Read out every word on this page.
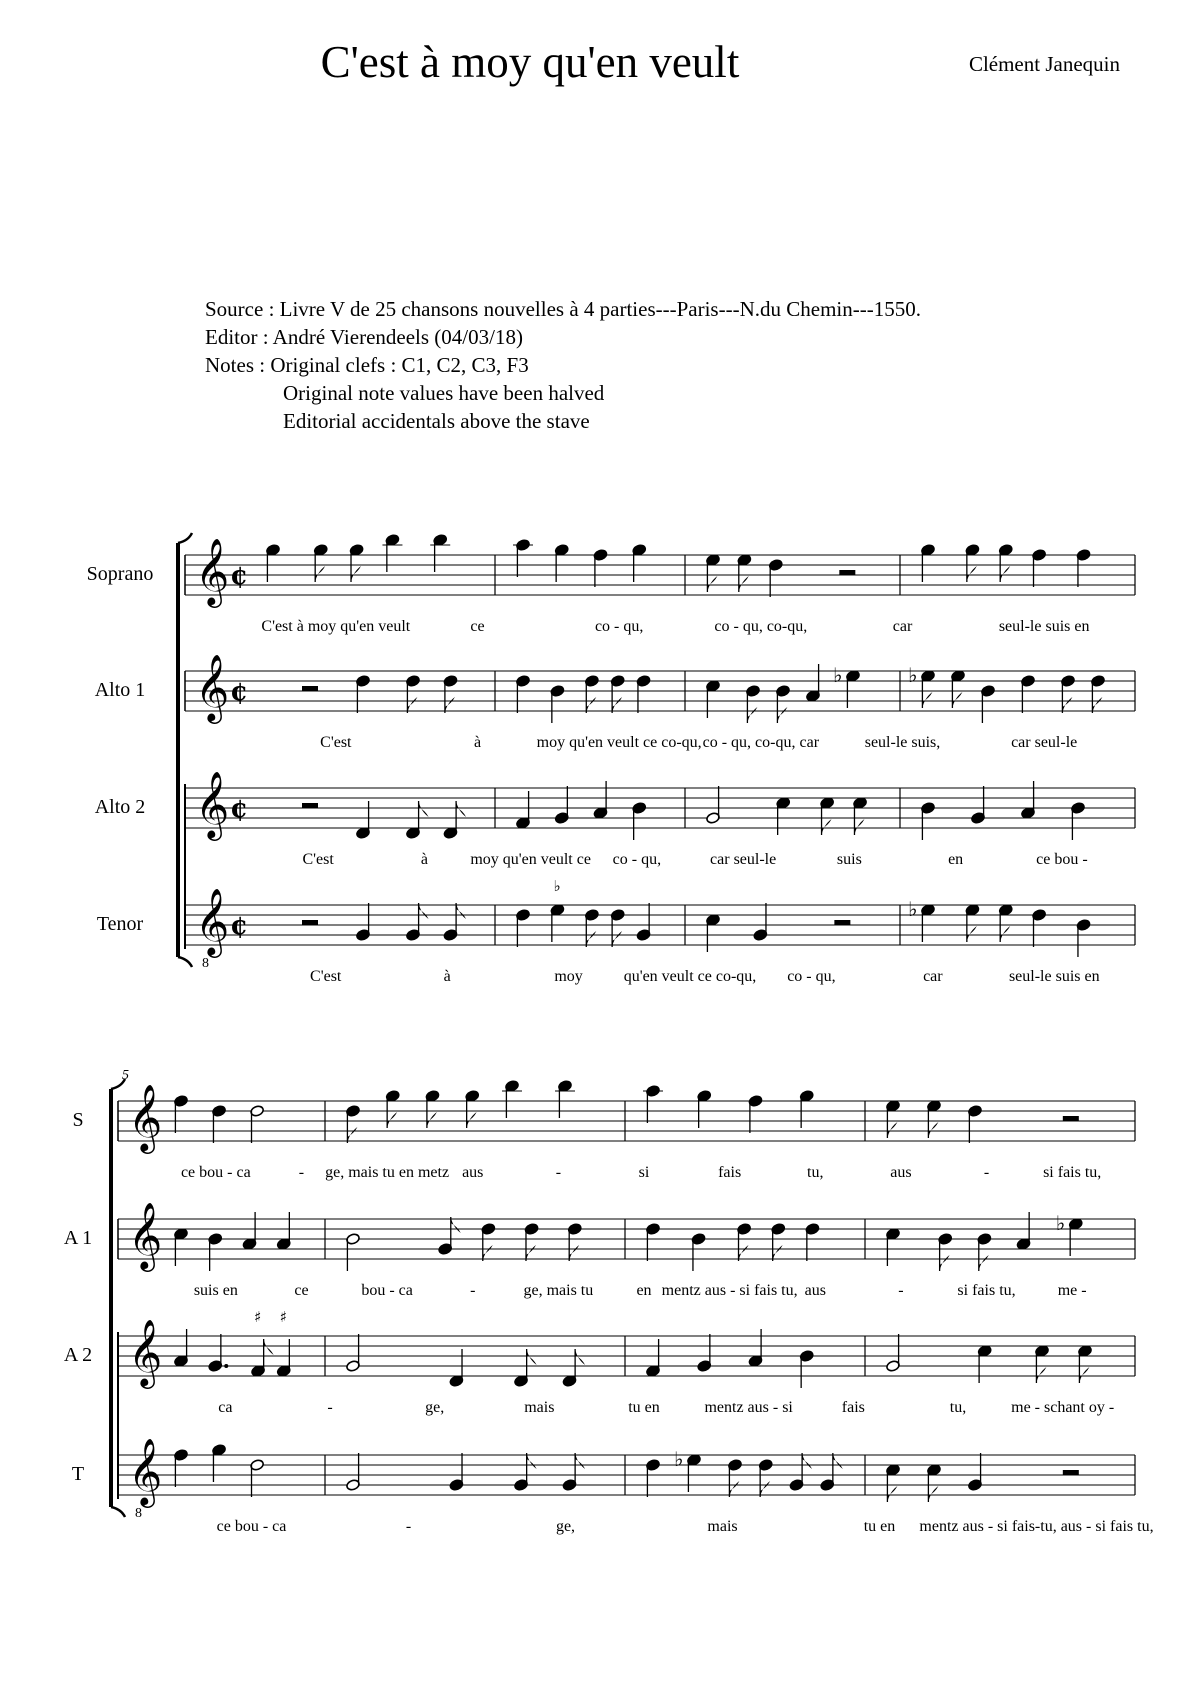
C'est à moy qu'en veult	Clément Janequin
Source : Livre V de 25 chansons nouvelles à 4 parties---Paris---N.du Chemin---1550.
Editor : André Vierendeels (04/03/18)
Notes : Original clefs : C1, C2, C3, F3
Original note values have been halved
Editorial accidentals above the stave
Soprano 𝄞 ¢
C'est à moy qu'en veult	ce	co - qu,	co - qu, co-qu,	car	seul-le suis en
Alto 1 𝄞 ¢
♭	♭
C'est	à	moy qu'en veult ce co-qu, co - qu, co-qu, car	seul-le suis,	car seul-le
Alto 2 𝄞 ¢
C'est	à	moy qu'en veult ce co - qu,	car seul-le	suis	en	ce bou -
Tenor 𝄞
8
¢
♭
♭
C'est	à	moy	qu'en veult ce co-qu, co - qu,	car	seul-le suis en
5
S 𝄞
ce bou - ca	- ge, mais tu en metz aus	-	si	fais	tu,	aus	-	si fais tu,
A 1 𝄞	♭
suis en	ce	bou - ca	-	ge, mais tu	en mentz aus - si fais tu, aus	-	si fais tu,	me -
A 2 𝄞
♯ ♯
ca	-	ge,	mais	tu en	mentz aus - si	fais	tu,	me - schant oy -
T 𝄞
8
♭
ce bou - ca	-	ge,	mais	tu en mentz aus - si fais-tu, aus - si fais tu,
